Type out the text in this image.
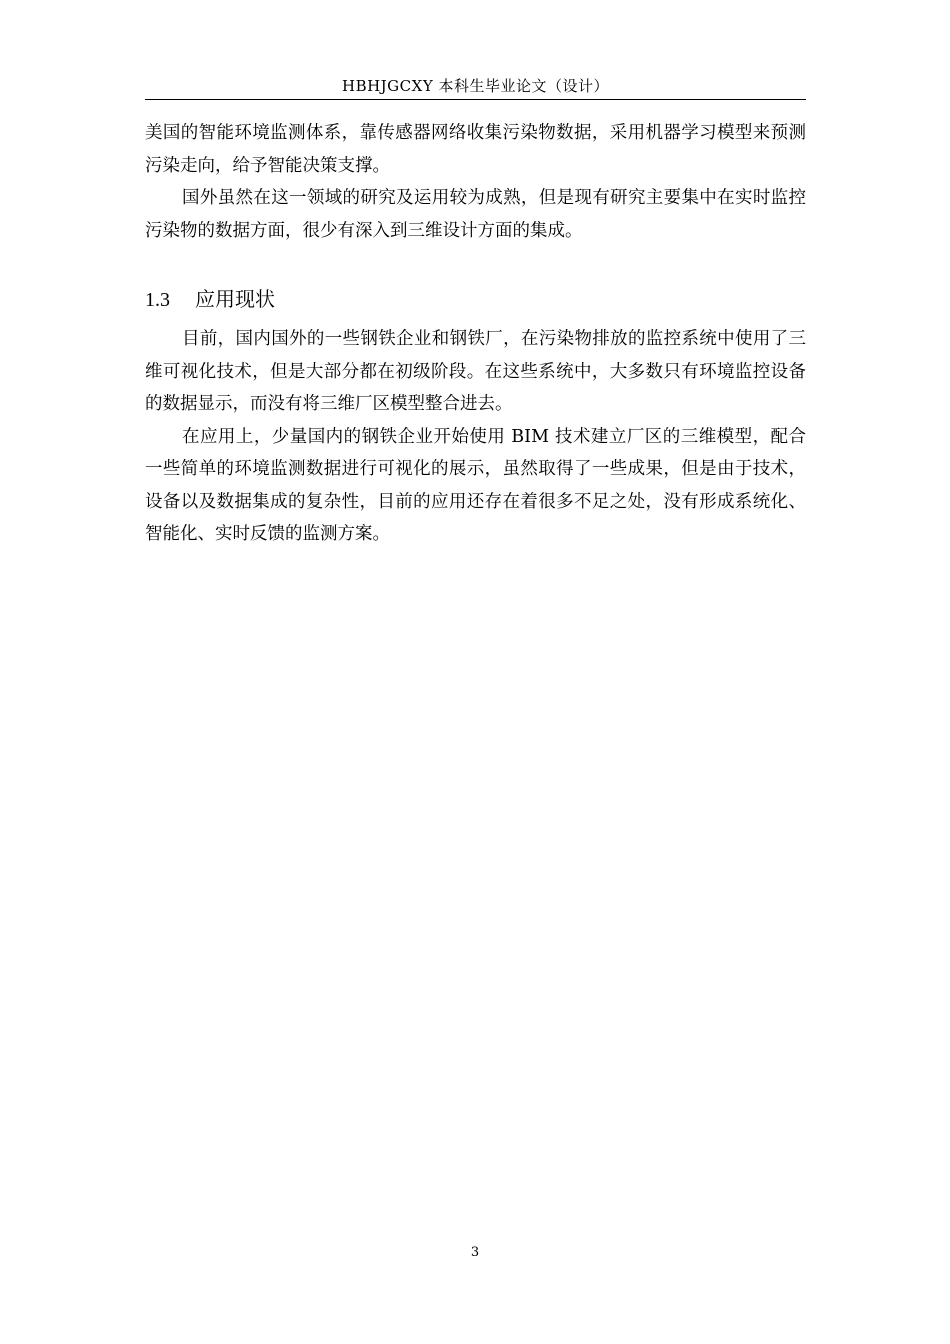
HBHJGCXY 本科生毕业论文（设计）

美国的智能环境监测体系，靠传感器网络收集污染物数据，采用机器学习模型来预测污染走向，给予智能决策支撑。

国外虽然在这一领域的研究及运用较为成熟，但是现有研究主要集中在实时监控污染物的数据方面，很少有深入到三维设计方面的集成。

1.3 应用现状

目前，国内国外的一些钢铁企业和钢铁厂，在污染物排放的监控系统中使用了三维可视化技术，但是大部分都在初级阶段。在这些系统中，大多数只有环境监控设备的数据显示，而没有将三维厂区模型整合进去。

在应用上，少量国内的钢铁企业开始使用 BIM 技术建立厂区的三维模型，配合一些简单的环境监测数据进行可视化的展示，虽然取得了一些成果，但是由于技术，设备以及数据集成的复杂性，目前的应用还存在着很多不足之处，没有形成系统化、智能化、实时反馈的监测方案。

3
